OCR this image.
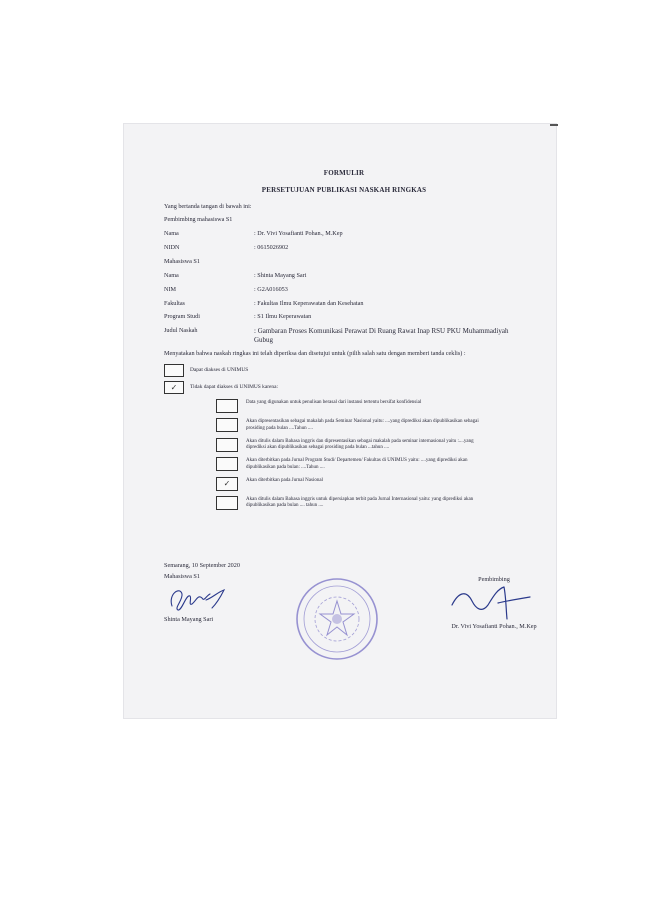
FORMULIR
PERSETUJUAN PUBLIKASI NASKAH RINGKAS
Yang bertanda tangan di bawah ini:
Pembimbing mahasiswa S1
Nama	: Dr. Vivi Yosafianti Pohan., M.Kep
NIDN	: 0615026902
Mahasiswa S1
Nama	: Shinta Mayang Sari
NIM	: G2A016053
Fakultas	: Fakultas Ilmu Keperawatan dan Kesehatan
Program Studi	: S1 Ilmu Keperawatan
Judul Naskah	: Gambaran Proses Komunikasi Perawat Di Ruang Rawat Inap RSU PKU Muhammadiyah Gubug
Menyatakan bahwa naskah ringkas ini telah diperiksa dan disetujui untuk (pilih salah satu dengan memberi tanda ceklis) :
Dapat diakses di UNIMUS
✓	Tidak dapat diakses di UNIMUS karena:
Data yang digunakan untuk penulisan berasal dari instansi tertentu bersifat konfidensial
Akan dipresentasikan sebagai makalah pada Seminar Nasional yaitu: ....yang diprediksi akan dipublikasikan sebagai prosiding pada bulan ....Tahun ....
Akan ditulis dalam Bahasa inggris dan dipresentasikan sebagai makalah pada seminar internasional yaitu :....yang diprediksi akan dipublikasikan sebagai prosiding pada bulan ...tahun ....
Akan diterbitkan pada Jurnal Program Studi/ Departemen/ Fakultas di UNIMUS yaitu: ....yang diprediksi akan dipublikasikan pada bulan: ....Tahun ....
✓	Akan diterbitkan pada Jurnal Nasional
Akan ditulis dalam Bahasa inggris untuk dipersiapkan terbit pada Jurnal Internasional yaitu: yang diprediksi akan dipublikasikan pada bulan .... tahun ....
Semarang, 10 September 2020
Mahasiswa S1
Shinta Mayang Sari
Pembimbing
Dr. Vivi Yosafianti Pohan., M.Kep
